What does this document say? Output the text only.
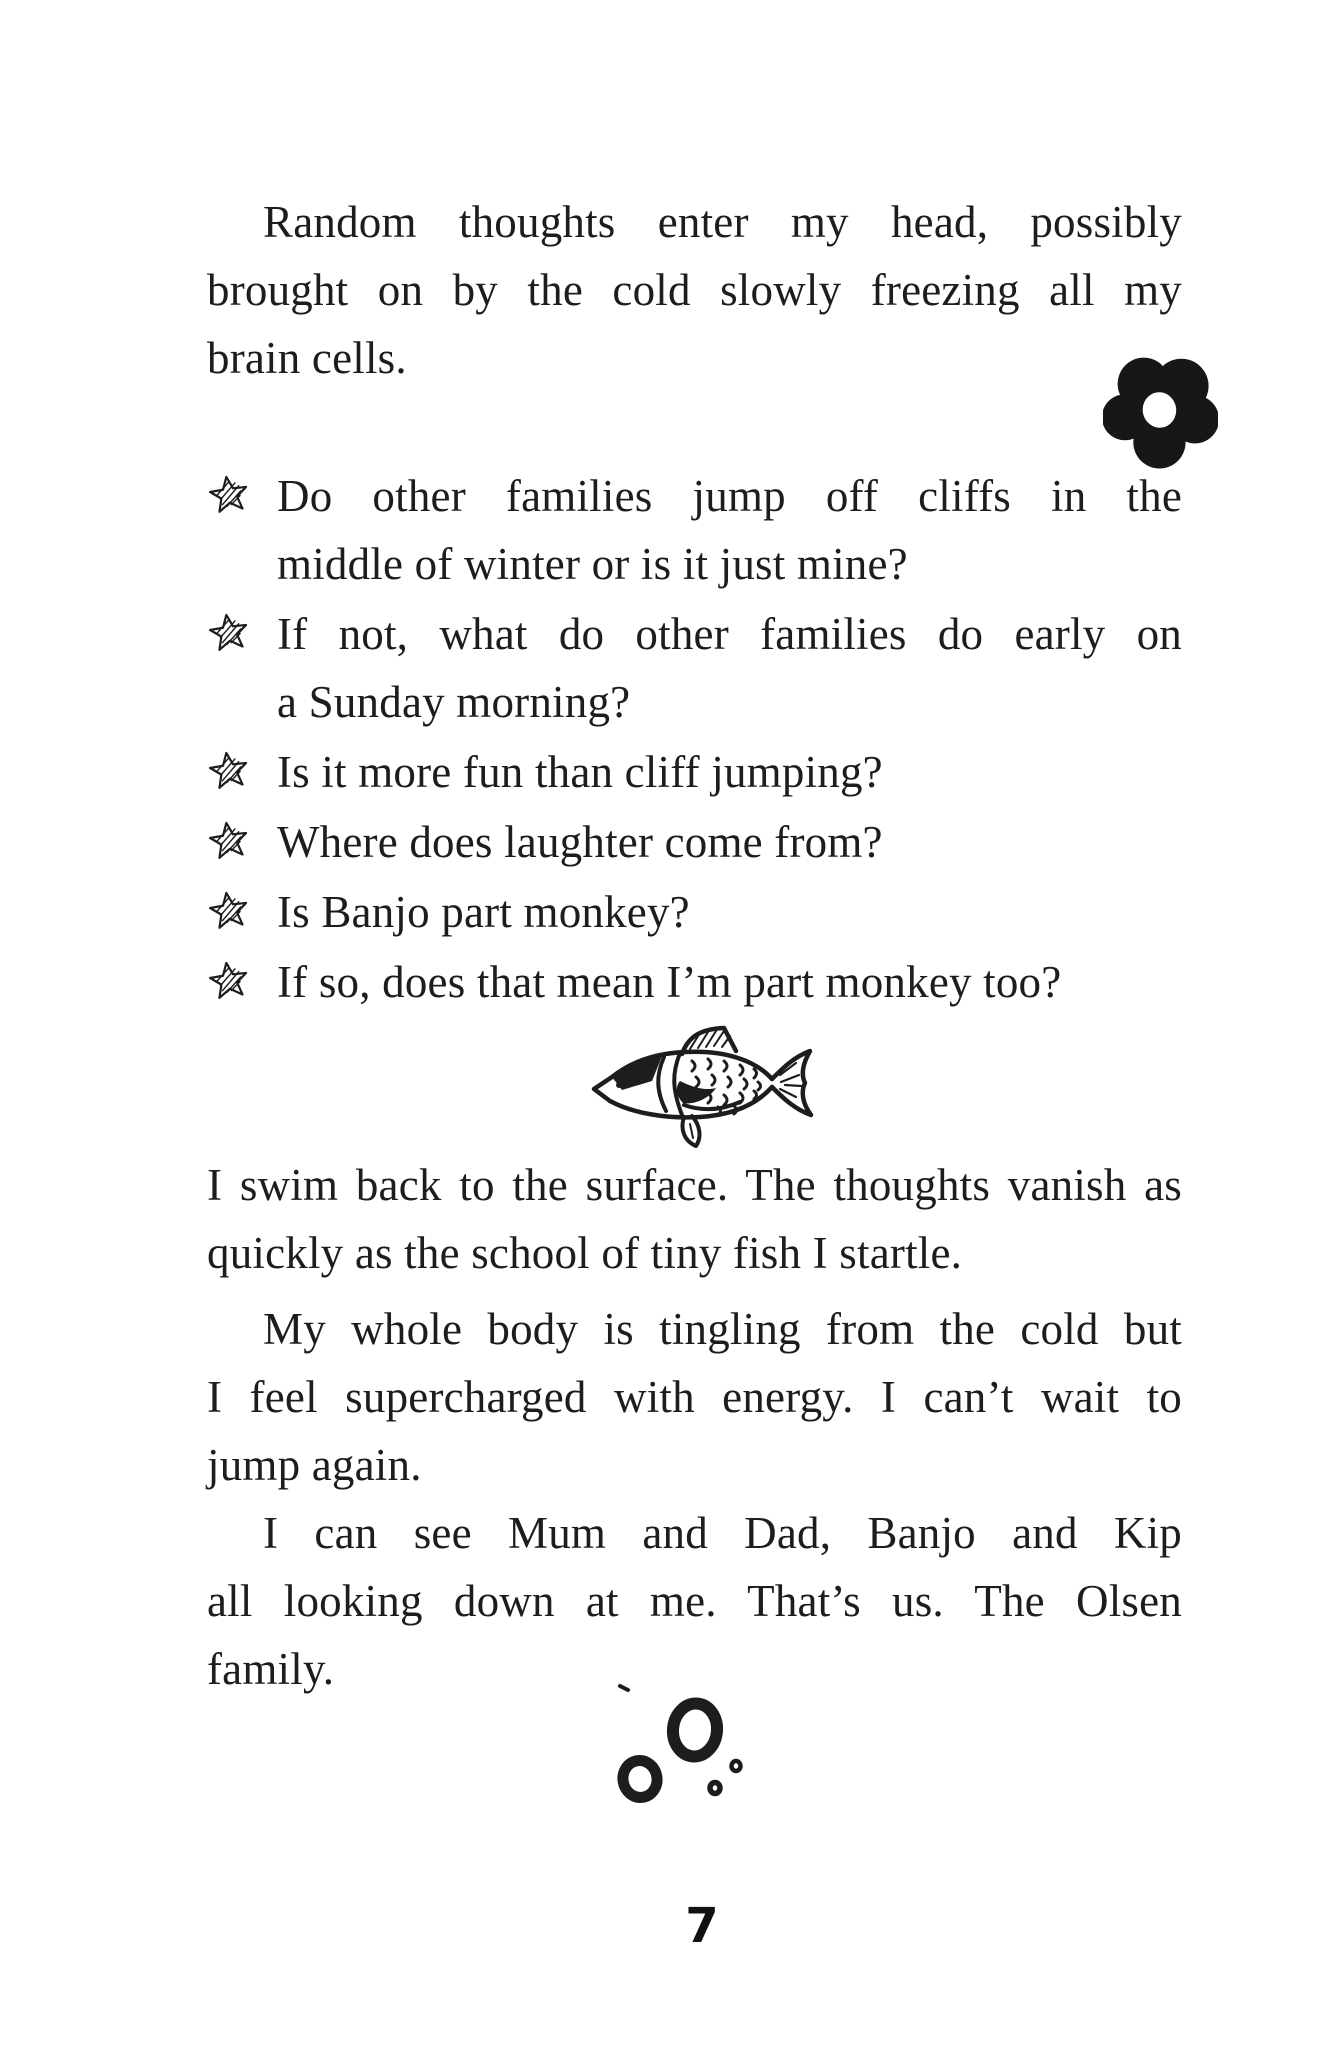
Random thoughts enter my head, possibly
brought on by the cold slowly freezing all my
brain cells.
Do other families jump off cliffs in the
middle of winter or is it just mine?
If not, what do other families do early on
a Sunday morning?
Is it more fun than cliff jumping?
Where does laughter come from?
Is Banjo part monkey?
If so, does that mean I’m part monkey too?
I swim back to the surface. The thoughts vanish as
quickly as the school of tiny fish I startle.
My whole body is tingling from the cold but
I feel supercharged with energy. I can’t wait to
jump again.
I can see Mum and Dad, Banjo and Kip
all looking down at me. That’s us. The Olsen
family.
7
